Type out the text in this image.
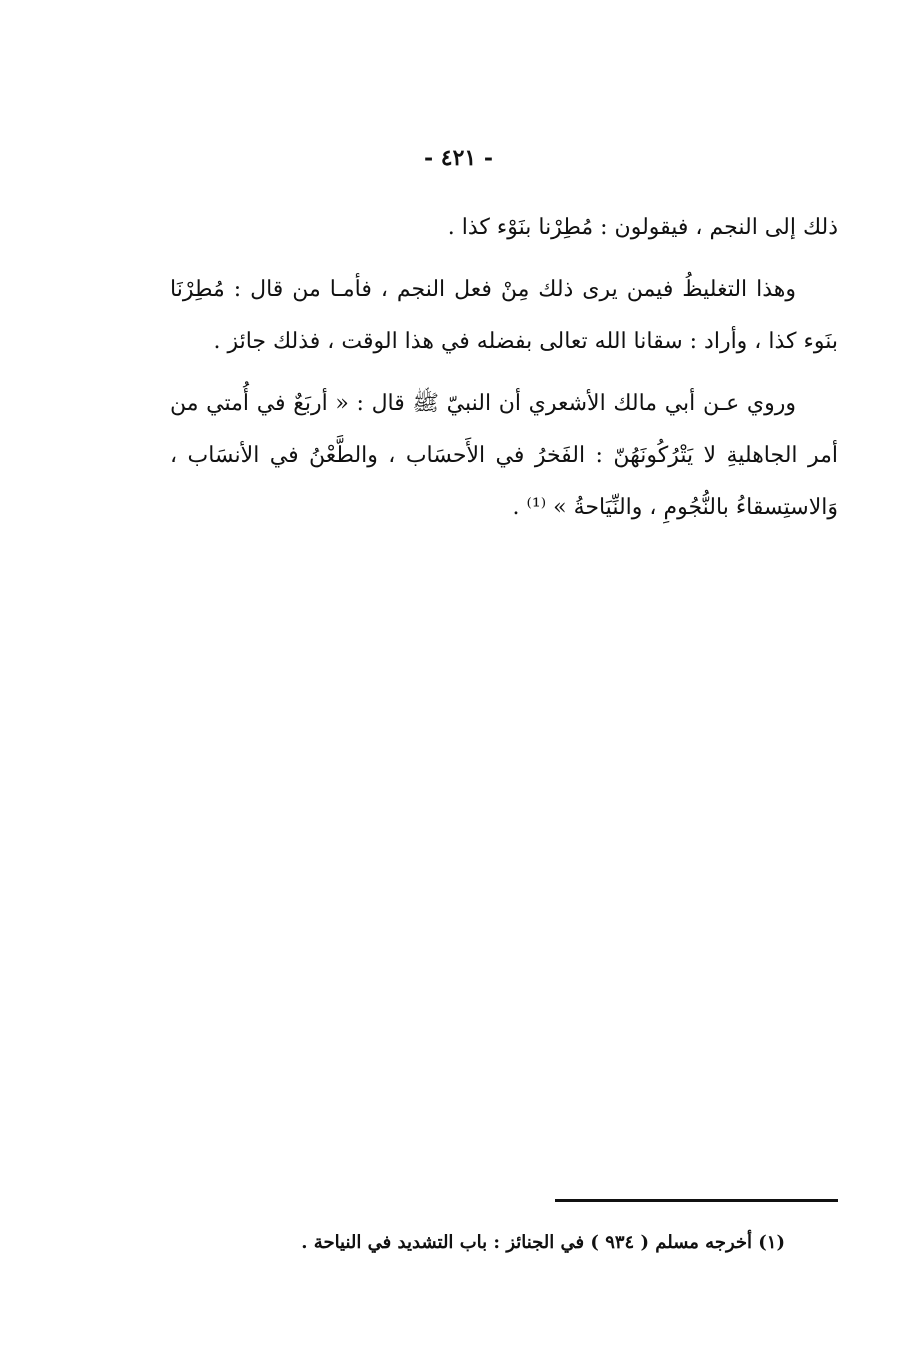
- ٤٢١ -

ذلك إلى النجم ، فيقولون : مُطِرْنا بنَوْء كذا .

وهذا التغليظُ فيمن يرى ذلك مِنْ فعل النجم ، فأمـا من قال : مُطِرْنَا بنَوء كذا ، وأراد : سقانا الله تعالى بفضله في هذا الوقت ، فذلك جائز .

وروي عـن أبي مالك الأشعري أن النبيّ ﷺ قال : « أربَعٌ في أُمتي من أمر الجاهليةِ لا يَتْرُكُونَهُنّ : الفَخرُ في الأَحسَاب ، والطَّعْنُ في الأنسَاب ، وَالاستِسقاءُ بالنُّجُومِ ، والنِّيَاحةُ » ⁽¹⁾ .

(١) أخرجه مسلم ( ٩٣٤ ) في الجنائز : باب التشديد في النياحة .
